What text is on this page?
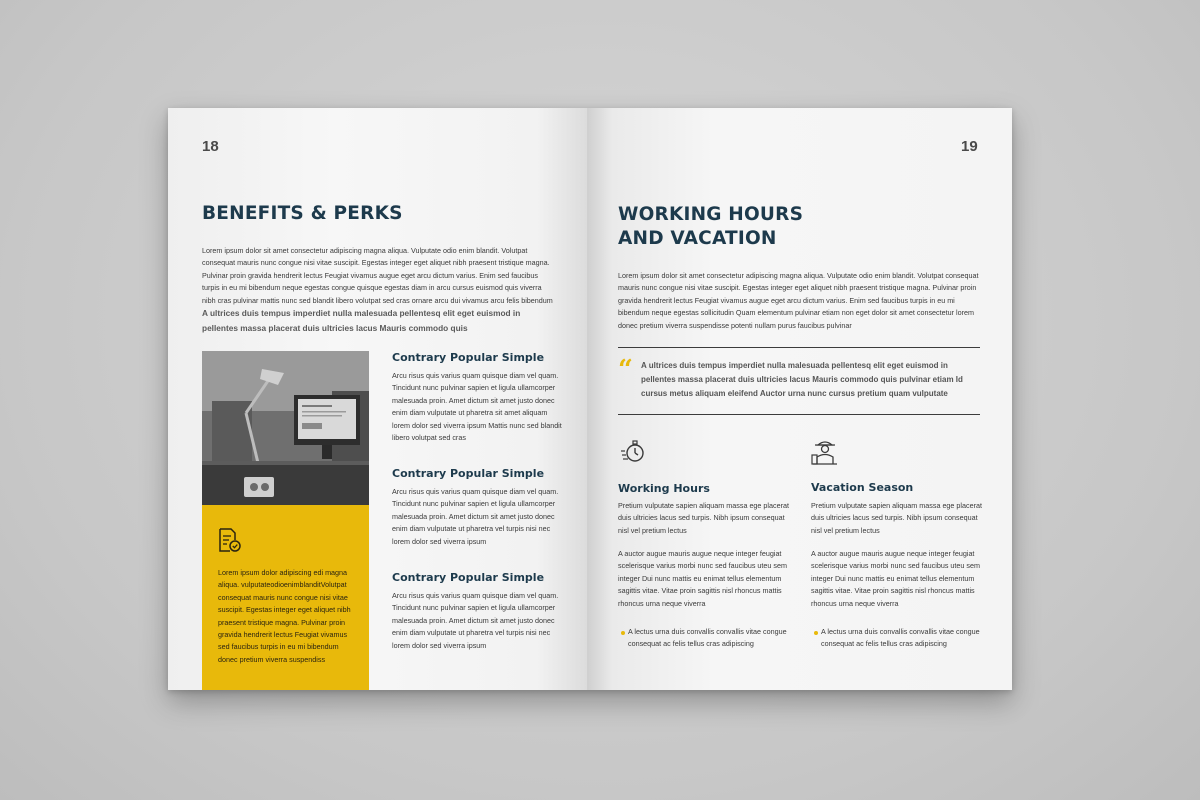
18
BENEFITS & PERKS
Lorem ipsum dolor sit amet consectetur adipiscing magna aliqua. Vulputate odio enim blandit. Volutpat consequat mauris nunc congue nisi vitae suscipit. Egestas integer eget aliquet nibh praesent tristique magna. Pulvinar proin gravida hendrerit lectus Feugiat vivamus augue eget arcu dictum varius. Enim sed faucibus turpis in eu mi bibendum neque egestas congue quisque egestas diam in arcu cursus euismod quis viverra nibh cras pulvinar mattis nunc sed blandit libero volutpat sed cras ornare arcu dui vivamus arcu felis bibendum
A ultrices duis tempus imperdiet nulla malesuada pellentesq elit eget euismod in pellentes massa placerat duis ultricies lacus Mauris commodo quis
Lorem ipsum dolor adipiscing edi magna aliqua. vulputateodioenimblanditVolutpat consequat mauris nunc congue nisi vitae suscipit. Egestas integer eget aliquet nibh praesent tristique magna. Pulvinar proin gravida hendrerit lectus Feugiat vivamus sed faucibus turpis in eu mi bibendum donec pretium viverra suspendiss
Contrary Popular Simple
Arcu risus quis varius quam quisque diam vel quam. Tincidunt nunc pulvinar sapien et ligula ullamcorper malesuada proin. Amet dictum sit amet justo donec enim diam vulputate ut pharetra sit amet aliquam lorem dolor sed viverra ipsum Mattis nunc sed blandit libero volutpat sed cras
Contrary Popular Simple
Arcu risus quis varius quam quisque diam vel quam. Tincidunt nunc pulvinar sapien et ligula ullamcorper malesuada proin. Amet dictum sit amet justo donec enim diam vulputate ut pharetra vel turpis nisi nec lorem dolor sed viverra ipsum
Contrary Popular Simple
Arcu risus quis varius quam quisque diam vel quam. Tincidunt nunc pulvinar sapien et ligula ullamcorper malesuada proin. Amet dictum sit amet justo donec enim diam vulputate ut pharetra vel turpis nisi nec lorem dolor sed viverra ipsum
19
WORKING HOURS
AND VACATION
Lorem ipsum dolor sit amet consectetur adipiscing magna aliqua. Vulputate odio enim blandit. Volutpat consequat mauris nunc congue nisi vitae suscipit. Egestas integer eget aliquet nibh praesent tristique magna. Pulvinar proin gravida hendrerit lectus Feugiat vivamus augue eget arcu dictum varius. Enim sed faucibus turpis in eu mi bibendum neque egestas sollicitudin Quam elementum pulvinar etiam non eget dolor sit amet consectetur lorem donec pretium viverra suspendisse potenti nullam purus faucibus pulvinar
“ A ultrices duis tempus imperdiet nulla malesuada pellentesq elit eget euismod in pellentes massa placerat duis ultricies lacus Mauris commodo quis pulvinar etiam Id cursus metus aliquam eleifend Auctor urna nunc cursus pretium quam vulputate
Working Hours
Pretium vulputate sapien aliquam massa ege placerat duis ultricies lacus sed turpis. Nibh ipsum consequat nisl vel pretium lectus
A auctor augue mauris augue neque integer feugiat scelerisque varius morbi nunc sed faucibus uteu sem integer Dui nunc mattis eu enimat tellus elementum sagittis vitae. Vitae proin sagittis nisl rhoncus mattis rhoncus urna neque viverra
A lectus urna duis convallis convallis vitae congue consequat ac felis tellus cras adipiscing
Vacation Season
Pretium vulputate sapien aliquam massa ege placerat duis ultricies lacus sed turpis. Nibh ipsum consequat nisl vel pretium lectus
A auctor augue mauris augue neque integer feugiat scelerisque varius morbi nunc sed faucibus uteu sem integer Dui nunc mattis eu enimat tellus elementum sagittis vitae. Vitae proin sagittis nisl rhoncus mattis rhoncus urna neque viverra
A lectus urna duis convallis convallis vitae congue consequat ac felis tellus cras adipiscing
